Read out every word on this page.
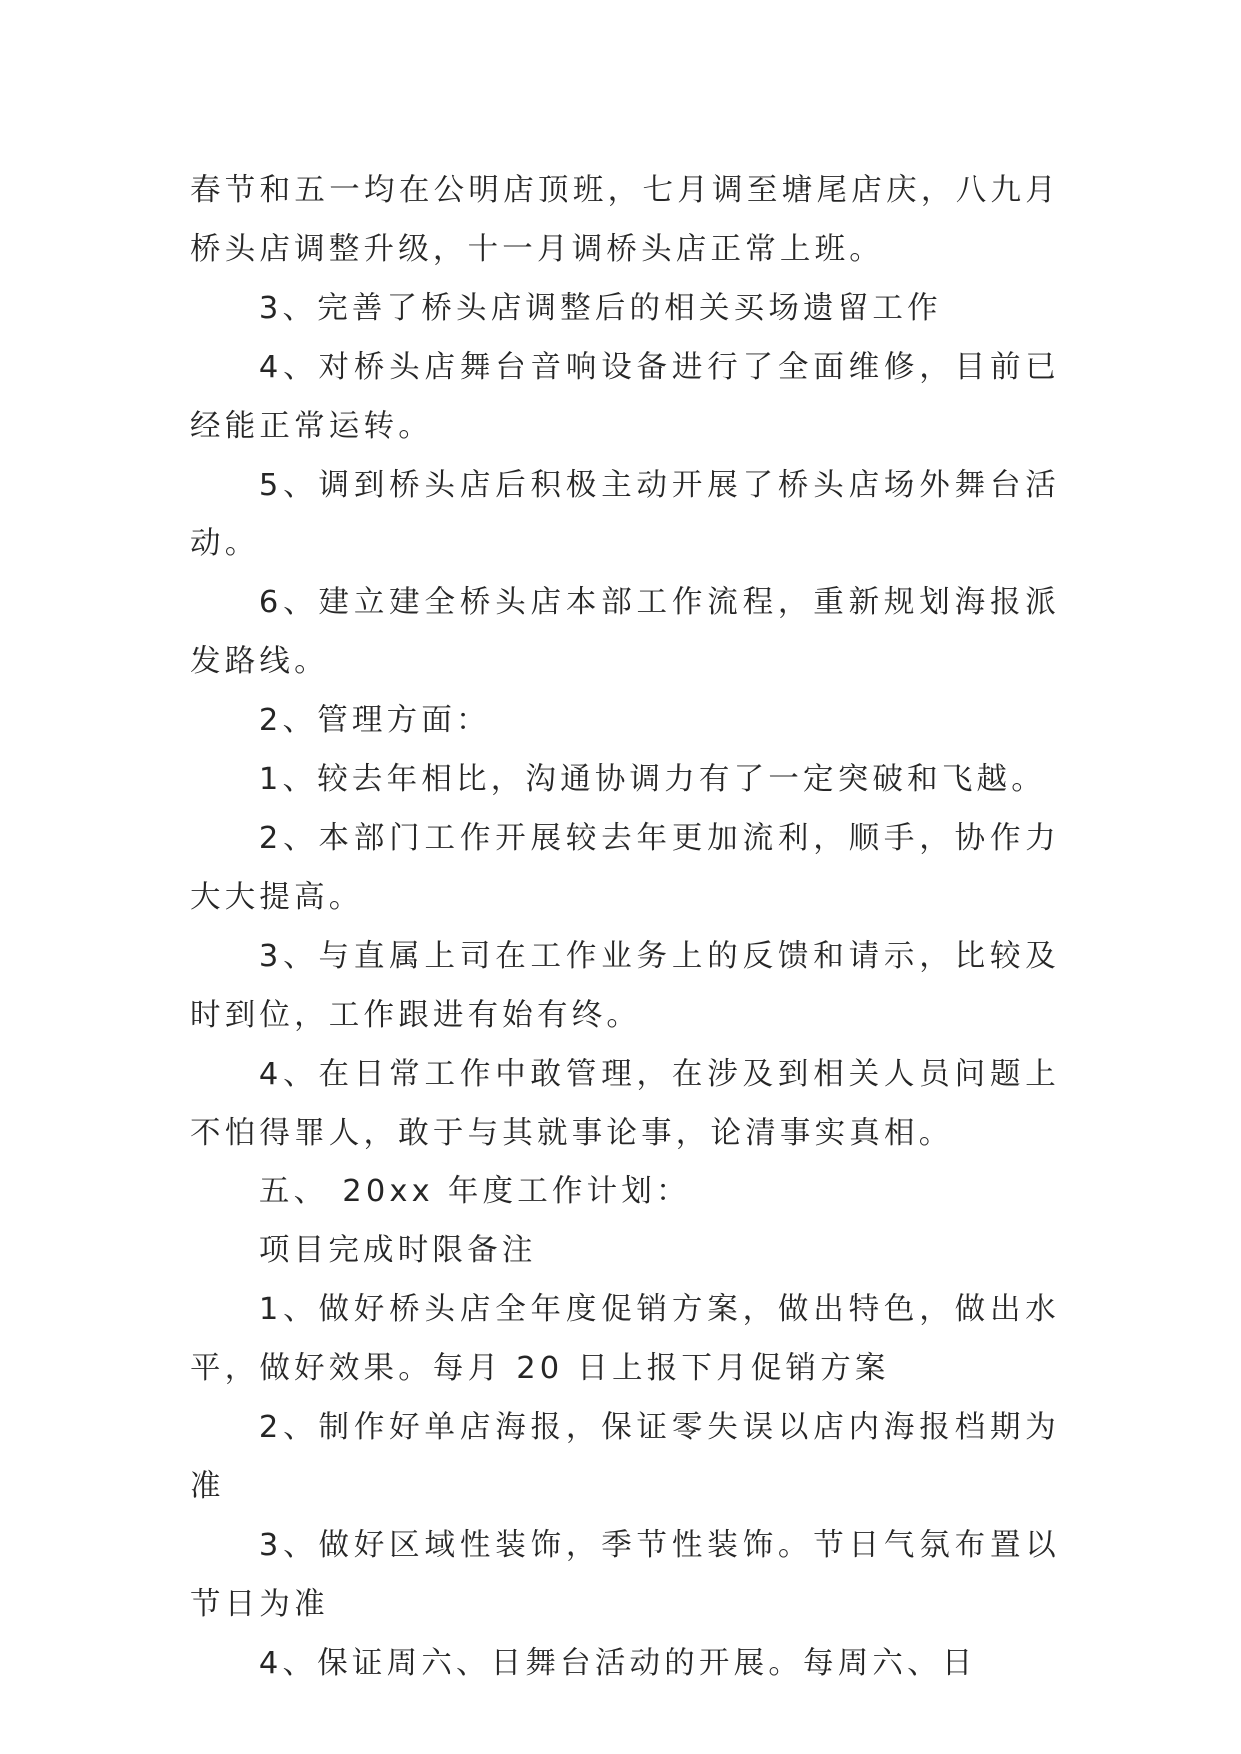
春节和五一均在公明店顶班，七月调至塘尾店庆，八九月桥头店调整升级，十一月调桥头店正常上班。

3、完善了桥头店调整后的相关买场遗留工作

4、对桥头店舞台音响设备进行了全面维修，目前已经能正常运转。

5、调到桥头店后积极主动开展了桥头店场外舞台活动。

6、建立建全桥头店本部工作流程，重新规划海报派发路线。

2、管理方面：

1、较去年相比，沟通协调力有了一定突破和飞越。

2、本部门工作开展较去年更加流利，顺手，协作力大大提高。

3、与直属上司在工作业务上的反馈和请示，比较及时到位，工作跟进有始有终。

4、在日常工作中敢管理，在涉及到相关人员问题上不怕得罪人，敢于与其就事论事，论清事实真相。

五、 20xx 年度工作计划：

项目完成时限备注

1、做好桥头店全年度促销方案，做出特色，做出水平，做好效果。每月 20 日上报下月促销方案

2、制作好单店海报，保证零失误以店内海报档期为准

3、做好区域性装饰，季节性装饰。节日气氛布置以节日为准

4、保证周六、日舞台活动的开展。每周六、日
